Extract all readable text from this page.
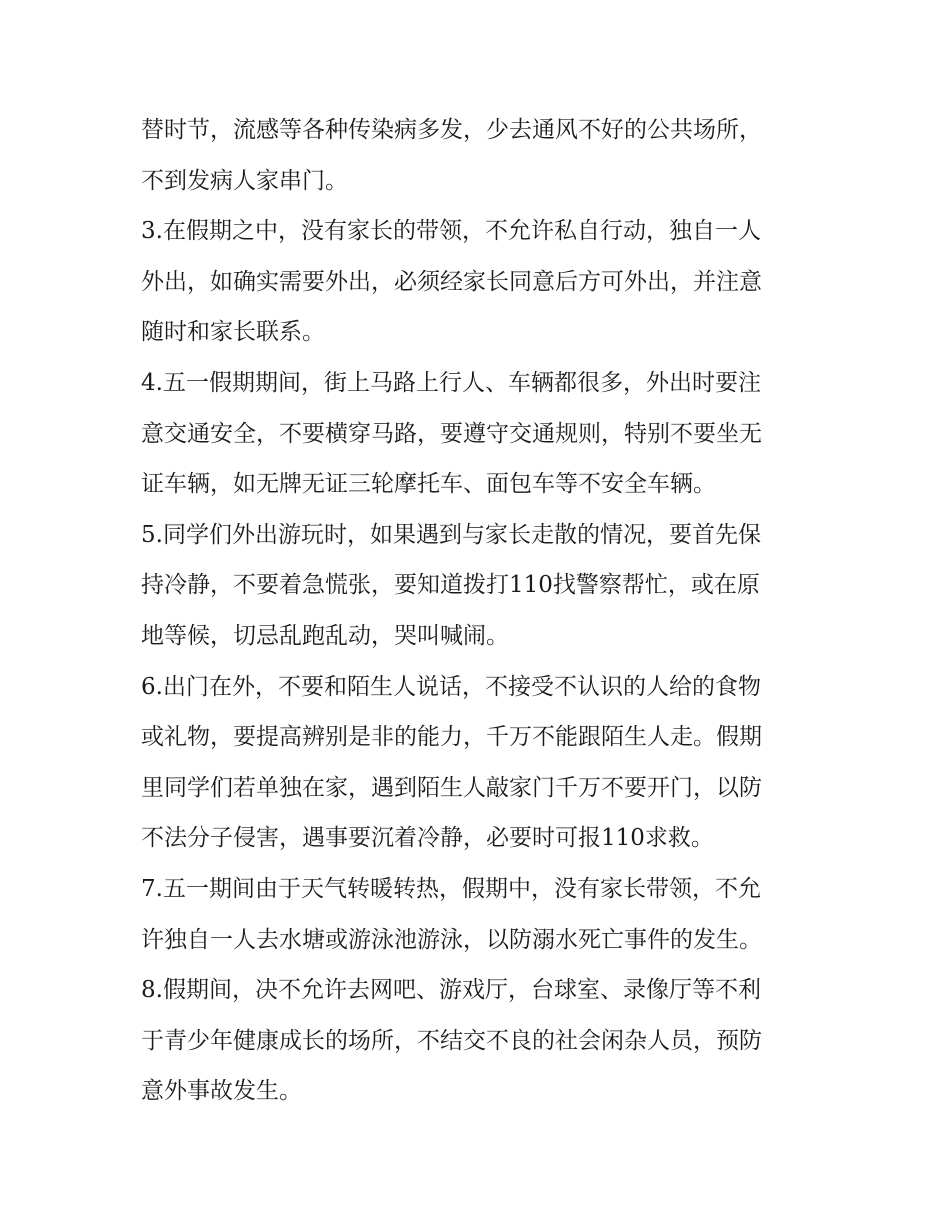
替时节，流感等各种传染病多发，少去通风不好的公共场所，
不到发病人家串门。
3.在假期之中，没有家长的带领，不允许私自行动，独自一人
外出，如确实需要外出，必须经家长同意后方可外出，并注意
随时和家长联系。
4.五一假期期间，街上马路上行人、车辆都很多，外出时要注
意交通安全，不要横穿马路，要遵守交通规则，特别不要坐无
证车辆，如无牌无证三轮摩托车、面包车等不安全车辆。
5.同学们外出游玩时，如果遇到与家长走散的情况，要首先保
持冷静，不要着急慌张，要知道拨打110找警察帮忙，或在原
地等候，切忌乱跑乱动，哭叫喊闹。
6.出门在外，不要和陌生人说话，不接受不认识的人给的食物
或礼物，要提高辨别是非的能力，千万不能跟陌生人走。假期
里同学们若单独在家，遇到陌生人敲家门千万不要开门，以防
不法分子侵害，遇事要沉着冷静，必要时可报110求救。
7.五一期间由于天气转暖转热，假期中，没有家长带领，不允
许独自一人去水塘或游泳池游泳，以防溺水死亡事件的发生。
8.假期间，决不允许去网吧、游戏厅，台球室、录像厅等不利
于青少年健康成长的场所，不结交不良的社会闲杂人员，预防
意外事故发生。
